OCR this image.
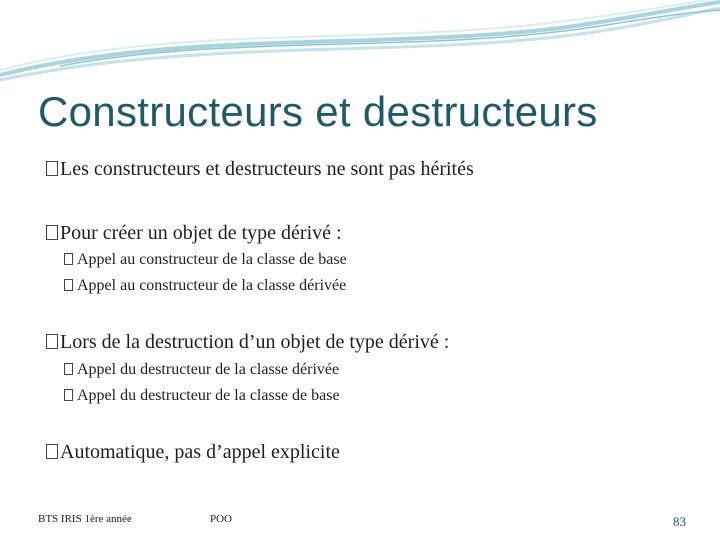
Constructeurs et destructeurs
Les constructeurs et destructeurs ne sont pas hérités
Pour créer un objet de type dérivé :
Appel au constructeur de la classe de base
Appel au constructeur de la classe dérivée
Lors de la destruction d’un objet de type dérivé :
Appel du destructeur de la classe dérivée
Appel du destructeur de la classe de base
Automatique, pas d’appel explicite
BTS IRIS 1ère année	POO	83
